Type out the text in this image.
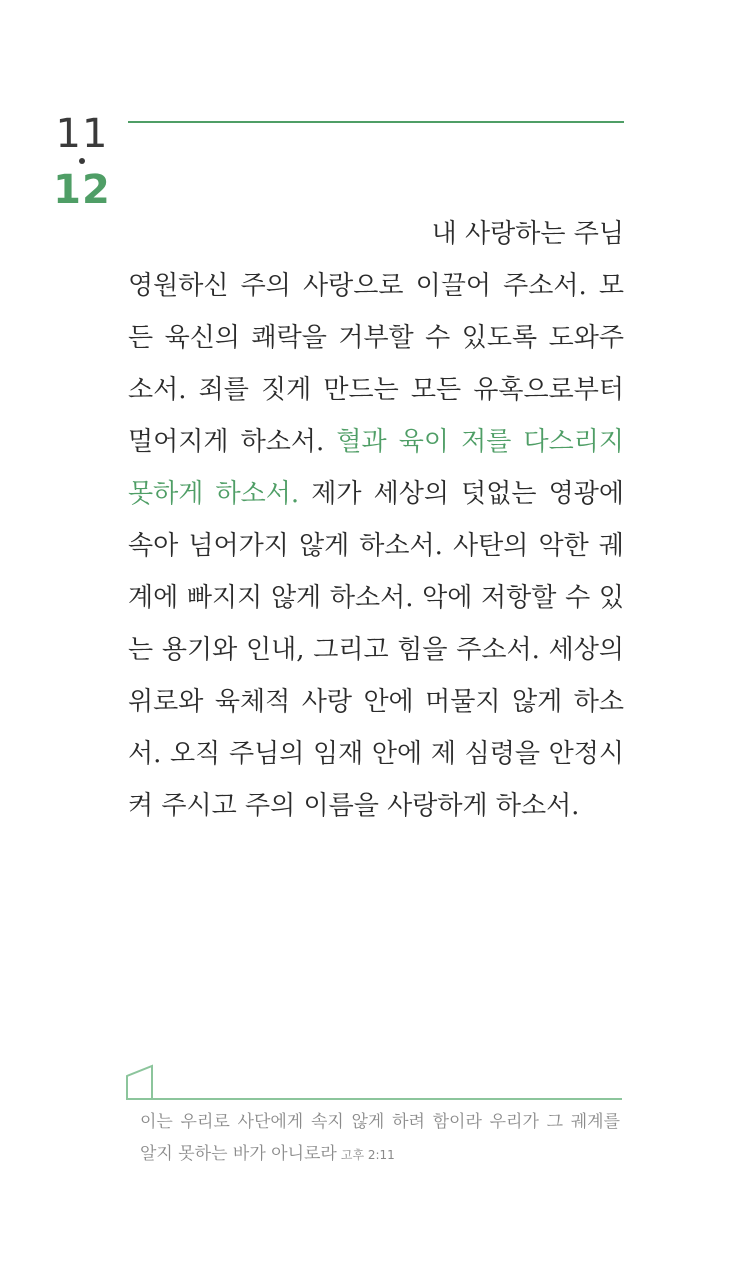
11
12
내 사랑하는 주님
영원하신 주의 사랑으로 이끌어 주소서. 모든 육신의 쾌락을 거부할 수 있도록 도와주소서. 죄를 짓게 만드는 모든 유혹으로부터 멀어지게 하소서. 혈과 육이 저를 다스리지 못하게 하소서. 제가 세상의 덧없는 영광에 속아 넘어가지 않게 하소서. 사탄의 악한 궤계에 빠지지 않게 하소서. 악에 저항할 수 있는 용기와 인내, 그리고 힘을 주소서. 세상의 위로와 육체적 사랑 안에 머물지 않게 하소서. 오직 주님의 임재 안에 제 심령을 안정시켜 주시고 주의 이름을 사랑하게 하소서.
이는 우리로 사단에게 속지 않게 하려 함이라 우리가 그 궤계를 알지 못하는 바가 아니로라 고후 2:11
